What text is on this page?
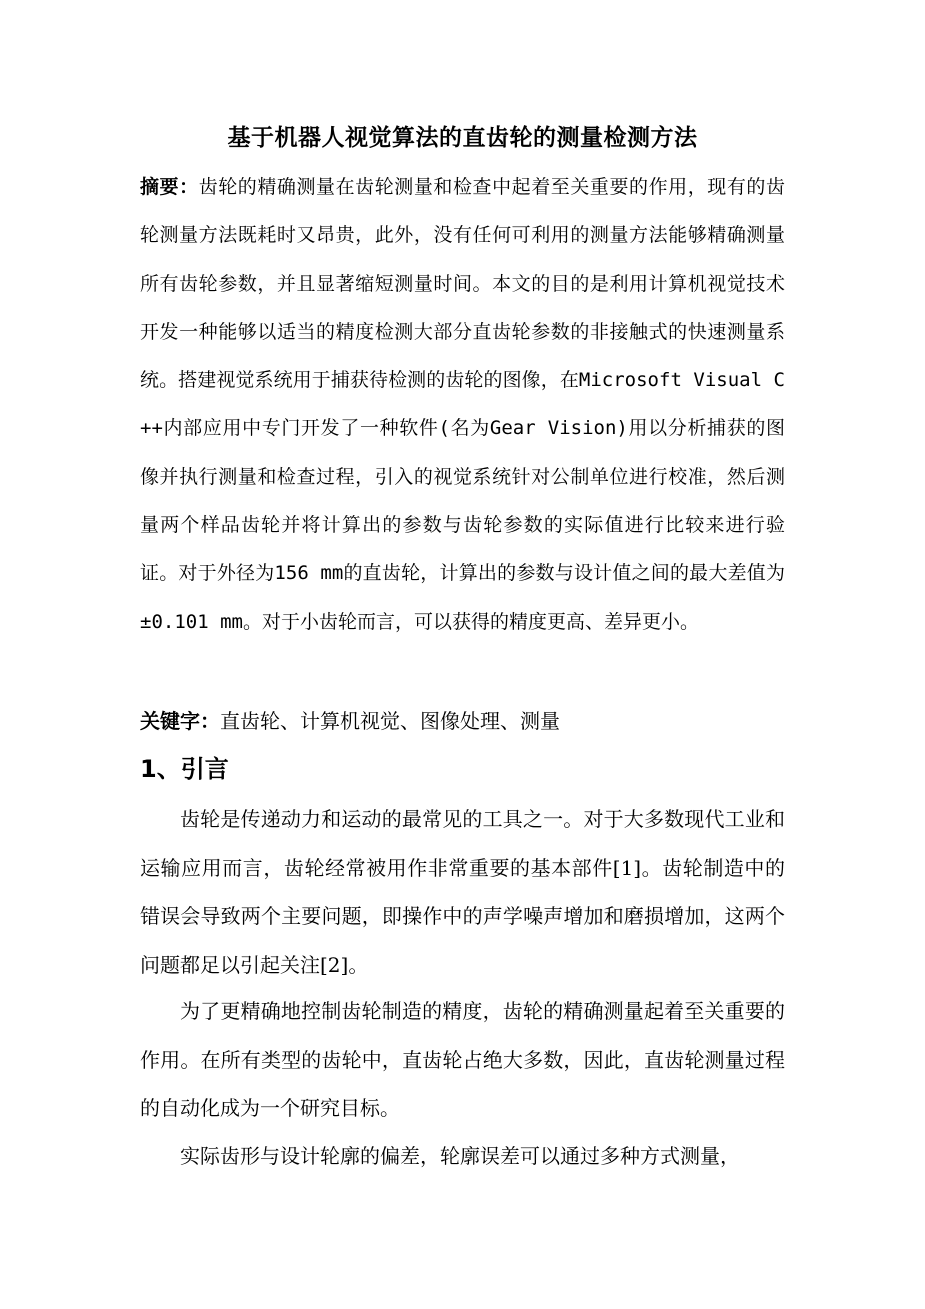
基于机器人视觉算法的直齿轮的测量检测方法

摘要：齿轮的精确测量在齿轮测量和检查中起着至关重要的作用，现有的齿轮测量方法既耗时又昂贵，此外，没有任何可利用的测量方法能够精确测量所有齿轮参数，并且显著缩短测量时间。本文的目的是利用计算机视觉技术开发一种能够以适当的精度检测大部分直齿轮参数的非接触式的快速测量系统。搭建视觉系统用于捕获待检测的齿轮的图像，在Microsoft Visual C ++内部应用中专门开发了一种软件(名为Gear Vision)用以分析捕获的图像并执行测量和检查过程，引入的视觉系统针对公制单位进行校准，然后测量两个样品齿轮并将计算出的参数与齿轮参数的实际值进行比较来进行验证。对于外径为156 mm的直齿轮，计算出的参数与设计值之间的最大差值为±0.101 mm。对于小齿轮而言，可以获得的精度更高、差异更小。

关键字：直齿轮、计算机视觉、图像处理、测量

1、引言

齿轮是传递动力和运动的最常见的工具之一。对于大多数现代工业和运输应用而言，齿轮经常被用作非常重要的基本部件[1]。齿轮制造中的错误会导致两个主要问题，即操作中的声学噪声增加和磨损增加，这两个问题都足以引起关注[2]。

为了更精确地控制齿轮制造的精度，齿轮的精确测量起着至关重要的作用。在所有类型的齿轮中，直齿轮占绝大多数，因此，直齿轮测量过程的自动化成为一个研究目标。

实际齿形与设计轮廓的偏差，轮廓误差可以通过多种方式测量，
